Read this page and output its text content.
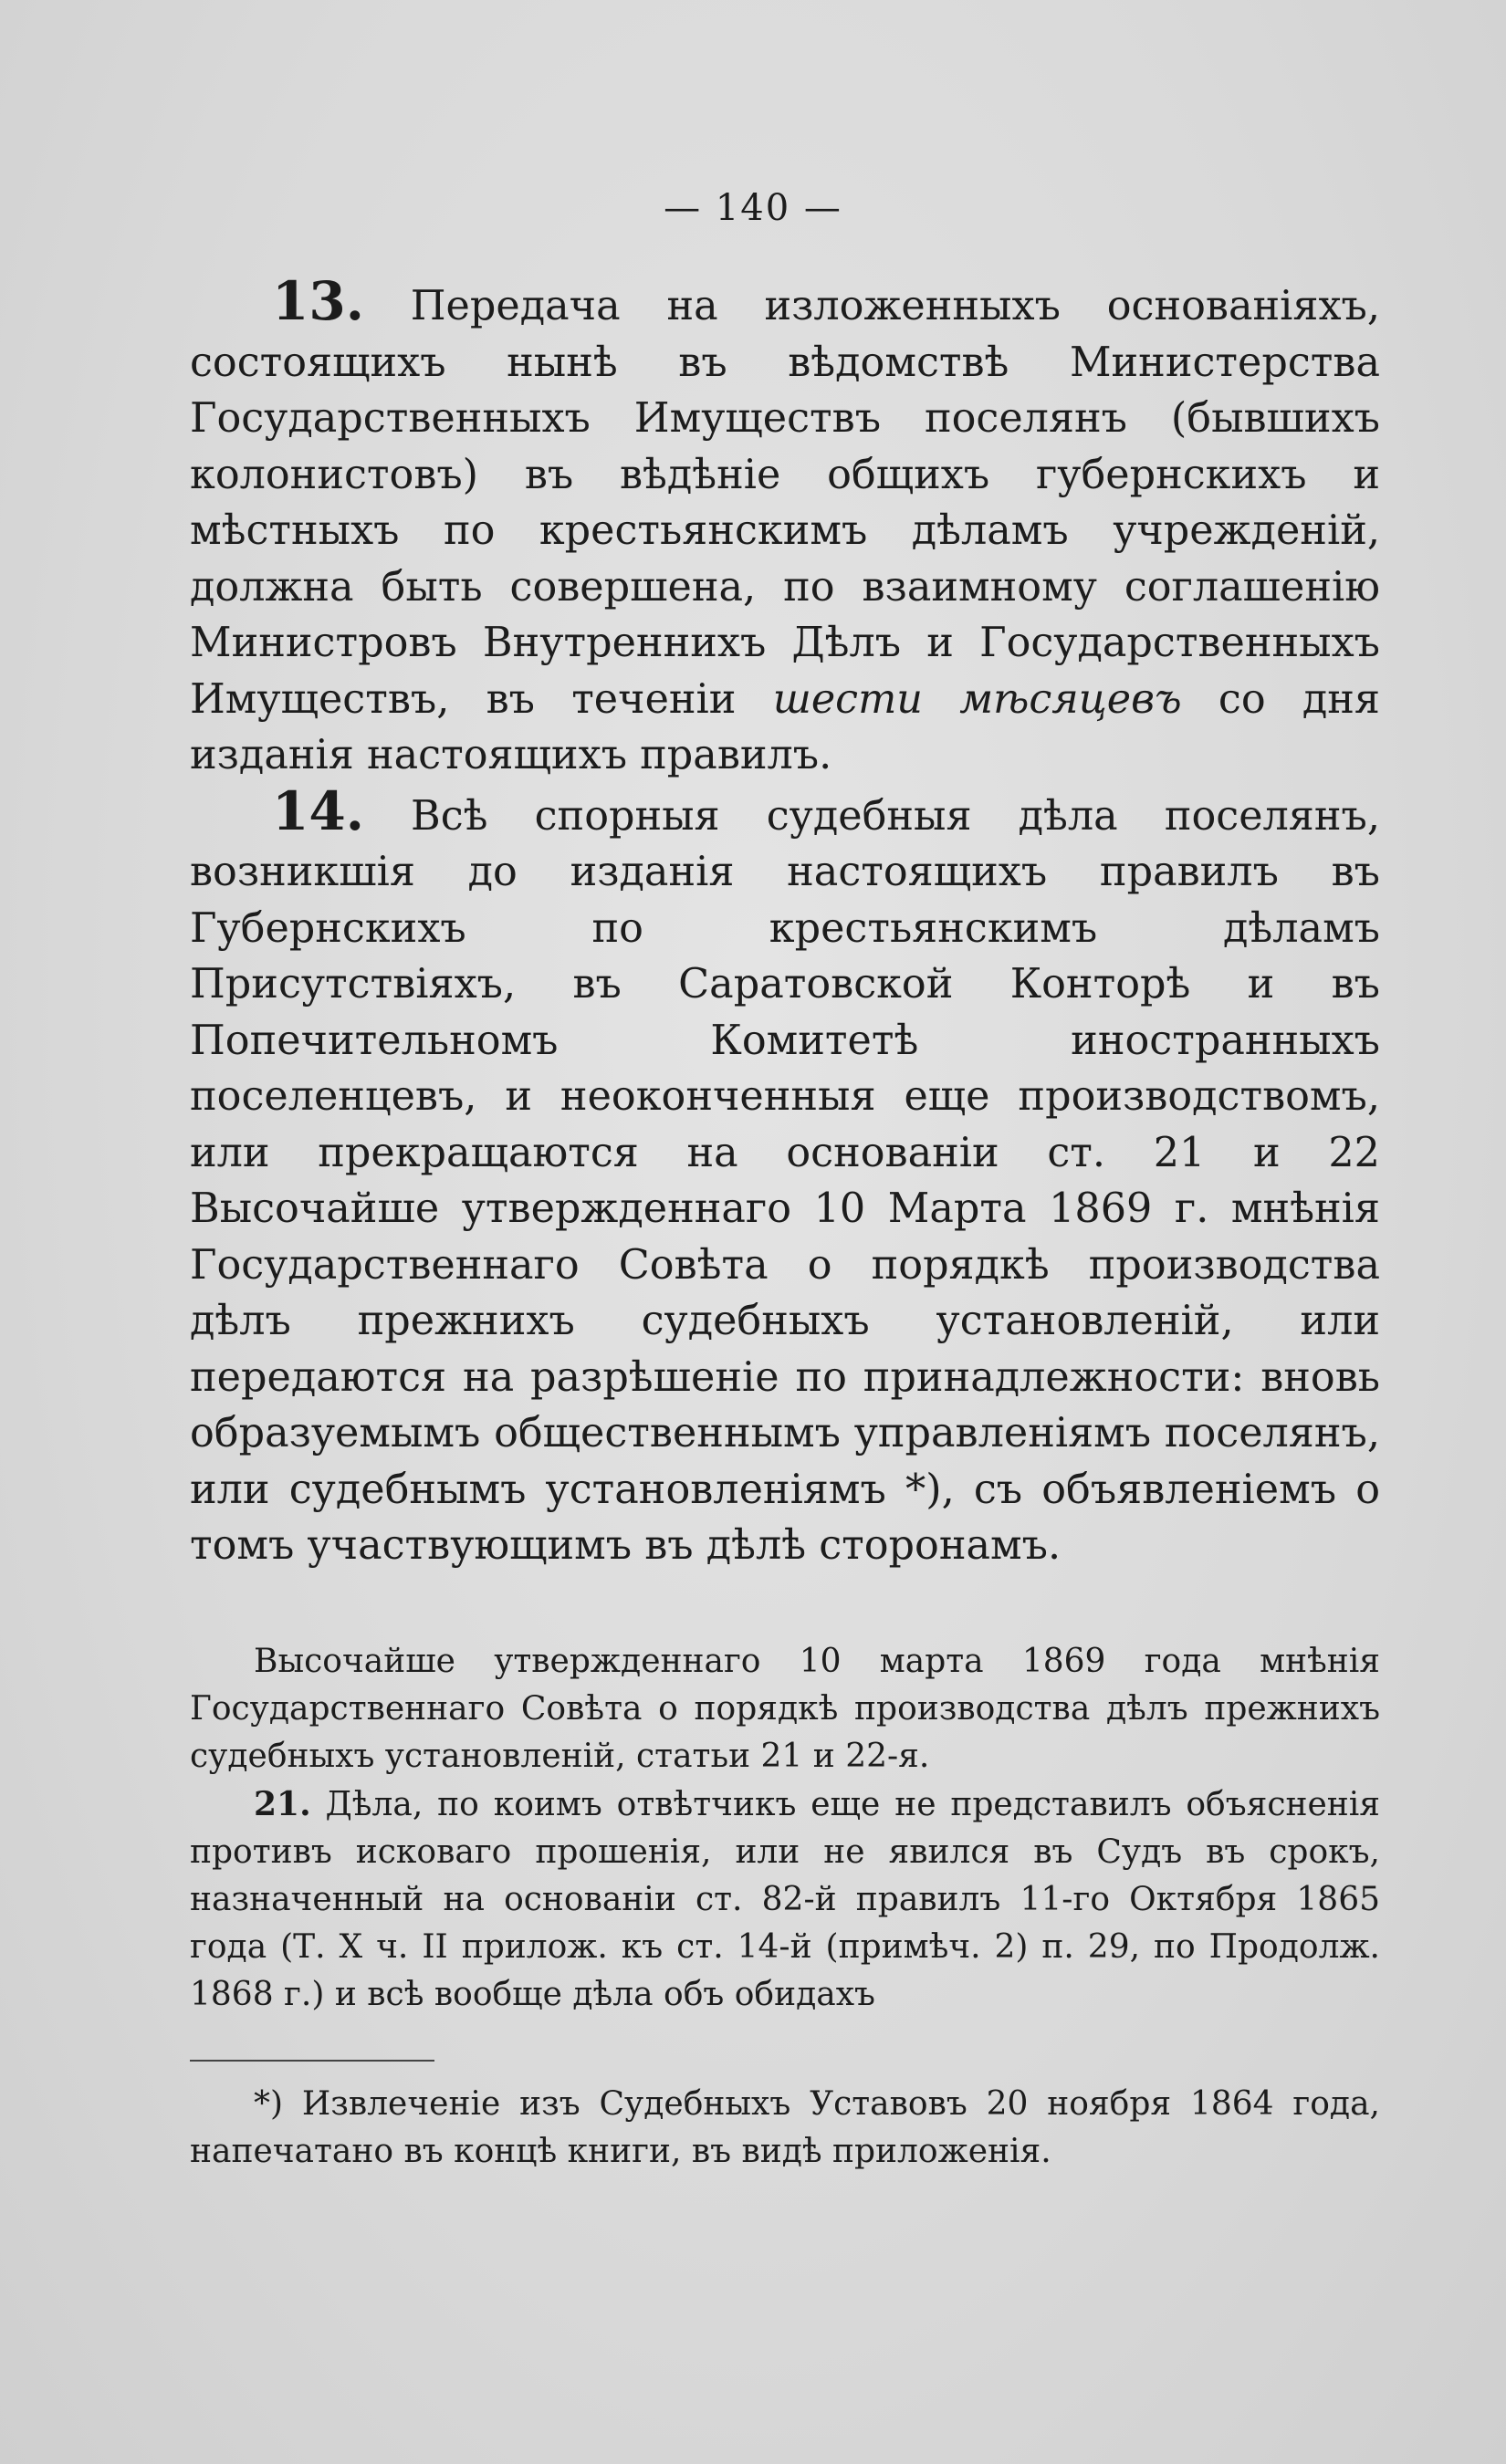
— 140 —

13. Передача на изложенныхъ основаніяхъ, состоящихъ нынѣ въ вѣдомствѣ Министерства Государственныхъ Имуществъ поселянъ (бывшихъ колонистовъ) въ вѣдѣніе общихъ губернскихъ и мѣстныхъ по крестьянскимъ дѣламъ учрежденій, должна быть совершена, по взаимному соглашенію Министровъ Внутреннихъ Дѣлъ и Государственныхъ Имуществъ, въ теченіи шести мѣсяцевъ со дня изданія настоящихъ правилъ.

14. Всѣ спорныя судебныя дѣла поселянъ, возникшія до изданія настоящихъ правилъ въ Губернскихъ по крестьянскимъ дѣламъ Присутствіяхъ, въ Саратовской Конторѣ и въ Попечительномъ Комитетѣ иностранныхъ поселенцевъ, и неоконченныя еще производствомъ, или прекращаются на основаніи ст. 21 и 22 Высочайше утвержденнаго 10 Марта 1869 г. мнѣнія Государственнаго Совѣта о порядкѣ производства дѣлъ прежнихъ судебныхъ установленій, или передаются на разрѣшеніе по принадлежности: вновь образуемымъ общественнымъ управленіямъ поселянъ, или судебнымъ установленіямъ *), съ объявленіемъ о томъ участвующимъ въ дѣлѣ сторонамъ.

Высочайше утвержденнаго 10 марта 1869 года мнѣнія Государственнаго Совѣта о порядкѣ производства дѣлъ прежнихъ судебныхъ установленій, статьи 21 и 22-я.

21. Дѣла, по коимъ отвѣтчикъ еще не представилъ объясненія противъ исковаго прошенія, или не явился въ Судъ въ срокъ, назначенный на основаніи ст. 82-й правилъ 11-го Октября 1865 года (Т. X ч. II прилож. къ ст. 14-й (примѣч. 2) п. 29, по Продолж. 1868 г.) и всѣ вообще дѣла объ обидахъ

*) Извлеченіе изъ Судебныхъ Уставовъ 20 ноября 1864 года, напечатано въ концѣ книги, въ видѣ приложенія.
